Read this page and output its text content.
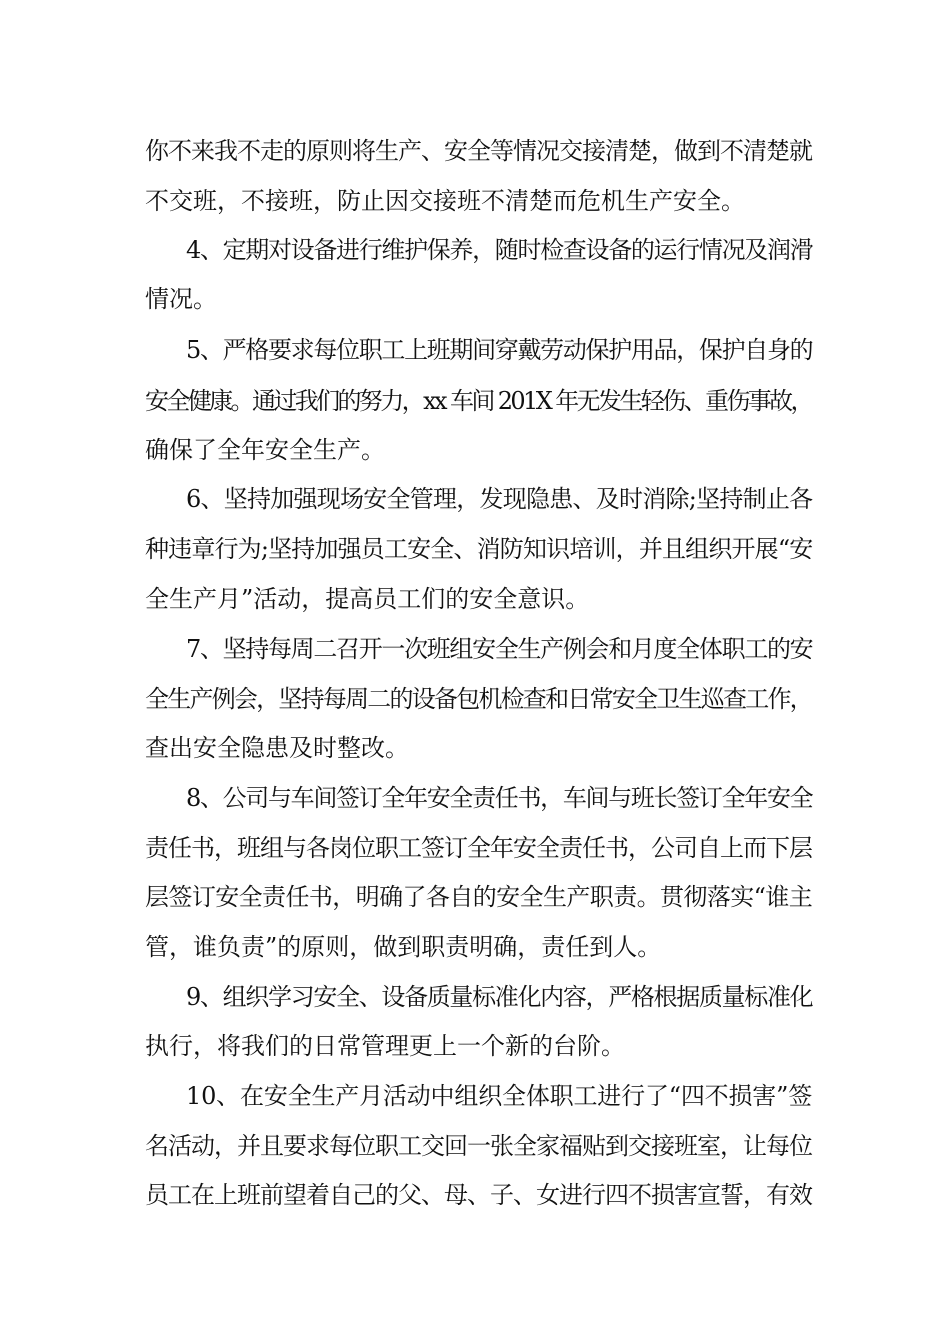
你不来我不走的原则将生产、安全等情况交接清楚，做到不清楚就
不交班，不接班，防止因交接班不清楚而危机生产安全。
4、定期对设备进行维护保养，随时检查设备的运行情况及润滑
情况。
5、严格要求每位职工上班期间穿戴劳动保护用品，保护自身的
安全健康。通过我们的努力，xx 车间 201X 年无发生轻伤、重伤事故，
确保了全年安全生产。
6、坚持加强现场安全管理，发现隐患、及时消除;坚持制止各
种违章行为;坚持加强员工安全、消防知识培训，并且组织开展“安
全生产月”活动，提高员工们的安全意识。
7、坚持每周二召开一次班组安全生产例会和月度全体职工的安
全生产例会，坚持每周二的设备包机检查和日常安全卫生巡查工作，
查出安全隐患及时整改。
8、公司与车间签订全年安全责任书，车间与班长签订全年安全
责任书，班组与各岗位职工签订全年安全责任书，公司自上而下层
层签订安全责任书，明确了各自的安全生产职责。贯彻落实“谁主
管，谁负责”的原则，做到职责明确，责任到人。
9、组织学习安全、设备质量标准化内容，严格根据质量标准化
执行，将我们的日常管理更上一个新的台阶。
10、在安全生产月活动中组织全体职工进行了“四不损害”签
名活动，并且要求每位职工交回一张全家福贴到交接班室，让每位
员工在上班前望着自己的父、母、子、女进行四不损害宣誓，有效
